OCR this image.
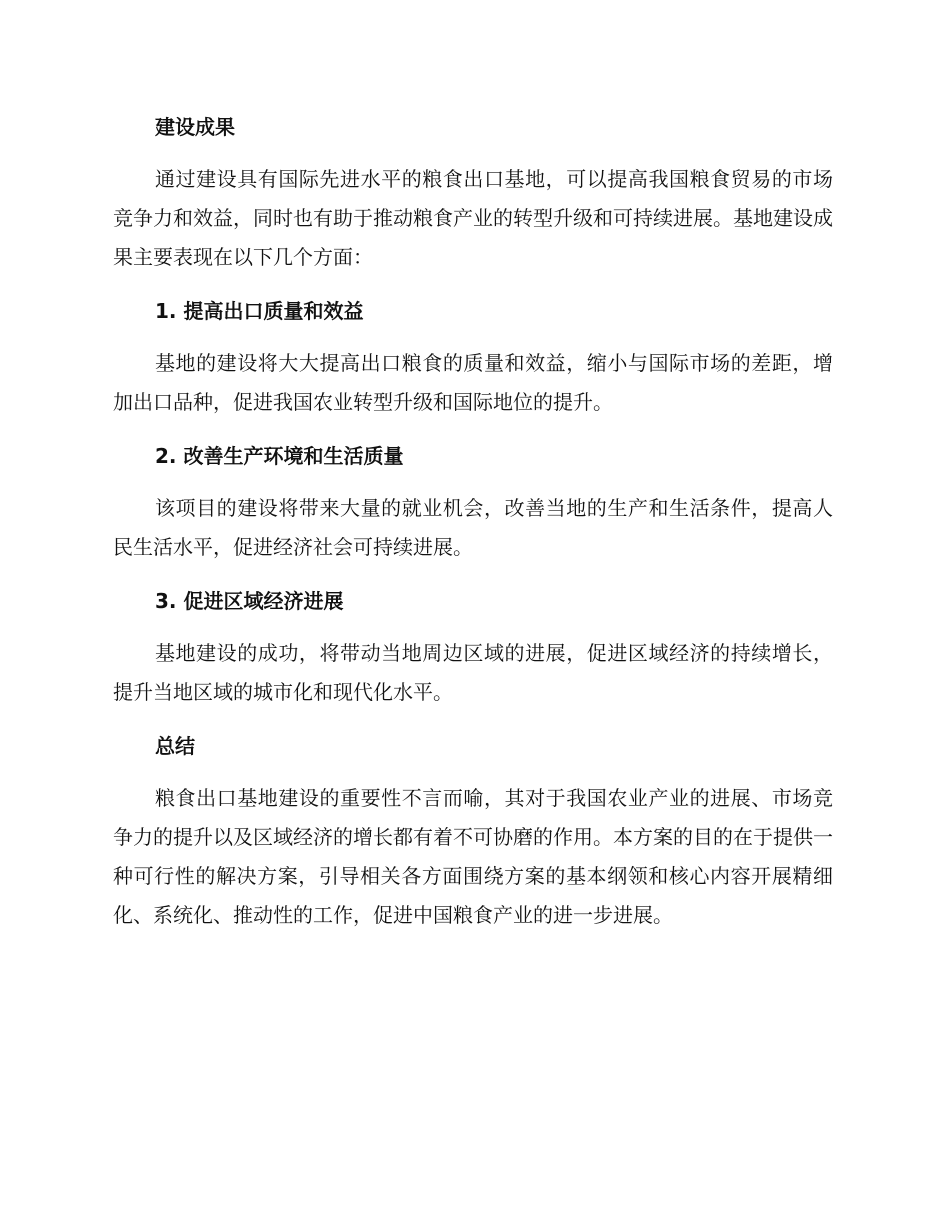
建设成果

通过建设具有国际先进水平的粮食出口基地，可以提高我国粮食贸易的市场竞争力和效益，同时也有助于推动粮食产业的转型升级和可持续进展。基地建设成果主要表现在以下几个方面：

1. 提高出口质量和效益

基地的建设将大大提高出口粮食的质量和效益，缩小与国际市场的差距，增加出口品种，促进我国农业转型升级和国际地位的提升。

2. 改善生产环境和生活质量

该项目的建设将带来大量的就业机会，改善当地的生产和生活条件，提高人民生活水平，促进经济社会可持续进展。

3. 促进区域经济进展

基地建设的成功，将带动当地周边区域的进展，促进区域经济的持续增长，提升当地区域的城市化和现代化水平。

总结

粮食出口基地建设的重要性不言而喻，其对于我国农业产业的进展、市场竞争力的提升以及区域经济的增长都有着不可协磨的作用。本方案的目的在于提供一种可行性的解决方案，引导相关各方面围绕方案的基本纲领和核心内容开展精细化、系统化、推动性的工作，促进中国粮食产业的进一步进展。
